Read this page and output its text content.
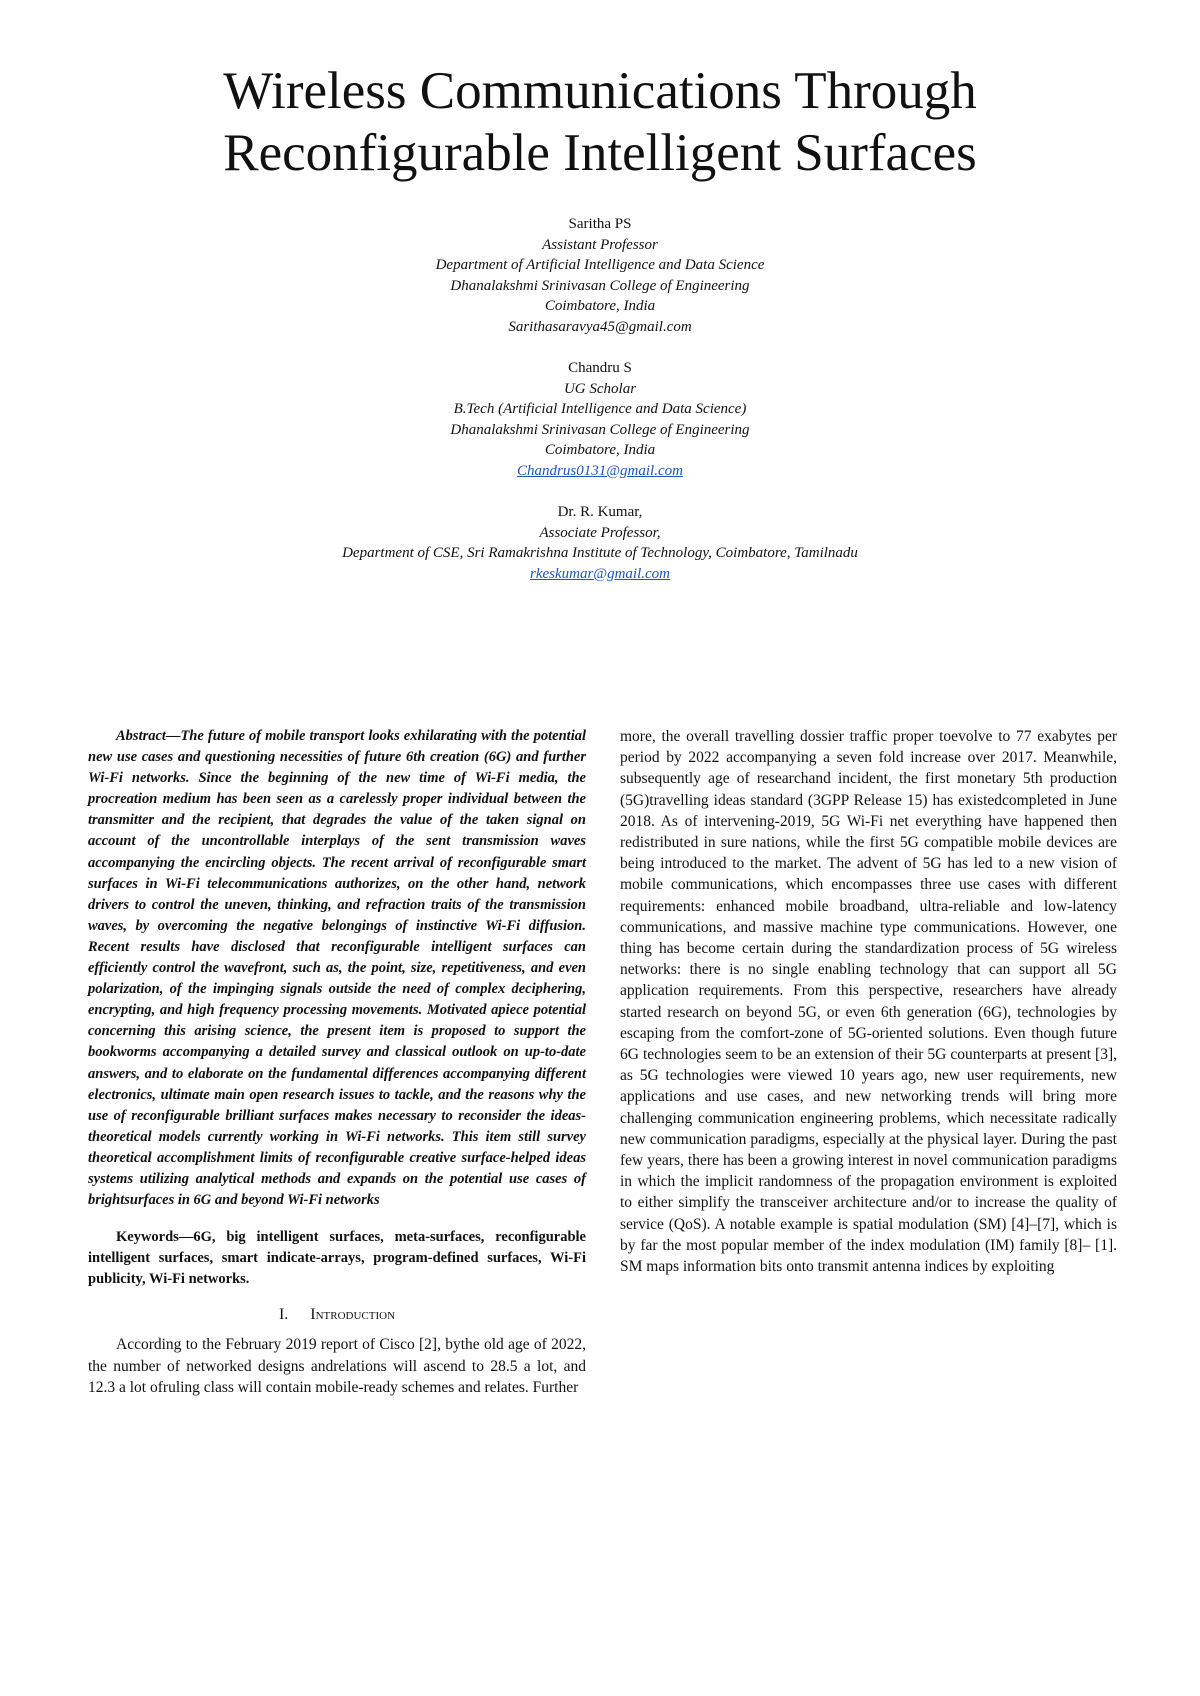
Wireless Communications Through
Reconfigurable Intelligent Surfaces
Saritha PS
Assistant Professor
Department of Artificial Intelligence and Data Science
Dhanalakshmi Srinivasan College of Engineering
Coimbatore, India
Sarithasaravya45@gmail.com
Chandru S
UG Scholar
B.Tech (Artificial Intelligence and Data Science)
Dhanalakshmi Srinivasan College of Engineering
Coimbatore, India
Chandrus0131@gmail.com
Dr. R. Kumar,
Associate Professor,
Department of CSE, Sri Ramakrishna Institute of Technology, Coimbatore, Tamilnadu
rkeskumar@gmail.com

Abstract—The future of mobile transport looks exhilarating with the potential new use cases and questioning necessities of future 6th creation (6G) and further Wi-Fi networks. Since the beginning of the new time of Wi-Fi media, the procreation medium has been seen as a carelessly proper individual between the transmitter and the recipient, that degrades the value of the taken signal on account of the uncontrollable interplays of the sent transmission waves accompanying the encircling objects. The recent arrival of reconfigurable smart surfaces in Wi-Fi telecommunications authorizes, on the other hand, network drivers to control the uneven, thinking, and refraction traits of the transmission waves, by overcoming the negative belongings of instinctive Wi-Fi diffusion. Recent results have disclosed that reconfigurable intelligent surfaces can efficiently control the wavefront, such as, the point, size, repetitiveness, and even polarization, of the impinging signals outside the need of complex deciphering, encrypting, and high frequency processing movements. Motivated apiece potential concerning this arising science, the present item is proposed to support the bookworms accompanying a detailed survey and classical outlook on up-to-date answers, and to elaborate on the fundamental differences accompanying different electronics, ultimate main open research issues to tackle, and the reasons why the use of reconfigurable brilliant surfaces makes necessary to reconsider the ideas-theoretical models currently working in Wi-Fi networks. This item still survey theoretical accomplishment limits of reconfigurable creative surface-helped ideas systems utilizing analytical methods and expands on the potential use cases of brightsurfaces in 6G and beyond Wi-Fi networks

Keywords—6G, big intelligent surfaces, meta-surfaces, reconfigurable intelligent surfaces, smart indicate-arrays, program-defined surfaces, Wi-Fi publicity, Wi-Fi networks.

I. Introduction

According to the February 2019 report of Cisco [2], bythe old age of 2022, the number of networked designs andrelations will ascend to 28.5 a lot, and 12.3 a lot ofruling class will contain mobile-ready schemes and relates. Further

more, the overall travelling dossier traffic proper toevolve to 77 exabytes per period by 2022 accompanying a seven fold increase over 2017. Meanwhile, subsequently age of researchand incident, the first monetary 5th production (5G)travelling ideas standard (3GPP Release 15) has existedcompleted in June 2018. As of intervening-2019, 5G Wi-Fi net everything have happened then redistributed in sure nations, while the first 5G compatible mobile devices are being introduced to the market. The advent of 5G has led to a new vision of mobile communications, which encompasses three use cases with different requirements: enhanced mobile broadband, ultra-reliable and low-latency communications, and massive machine type communications. However, one thing has become certain during the standardization process of 5G wireless networks: there is no single enabling technology that can support all 5G application requirements. From this perspective, researchers have already started research on beyond 5G, or even 6th generation (6G), technologies by escaping from the comfort-zone of 5G-oriented solutions. Even though future 6G technologies seem to be an extension of their 5G counterparts at present [3], as 5G technologies were viewed 10 years ago, new user requirements, new applications and use cases, and new networking trends will bring more challenging communication engineering problems, which necessitate radically new communication paradigms, especially at the physical layer. During the past few years, there has been a growing interest in novel communication paradigms in which the implicit randomness of the propagation environment is exploited to either simplify the transceiver architecture and/or to increase the quality of service (QoS). A notable example is spatial modulation (SM) [4]–[7], which is by far the most popular member of the index modulation (IM) family [8]– [1]. SM maps information bits onto transmit antenna indices by exploiting
